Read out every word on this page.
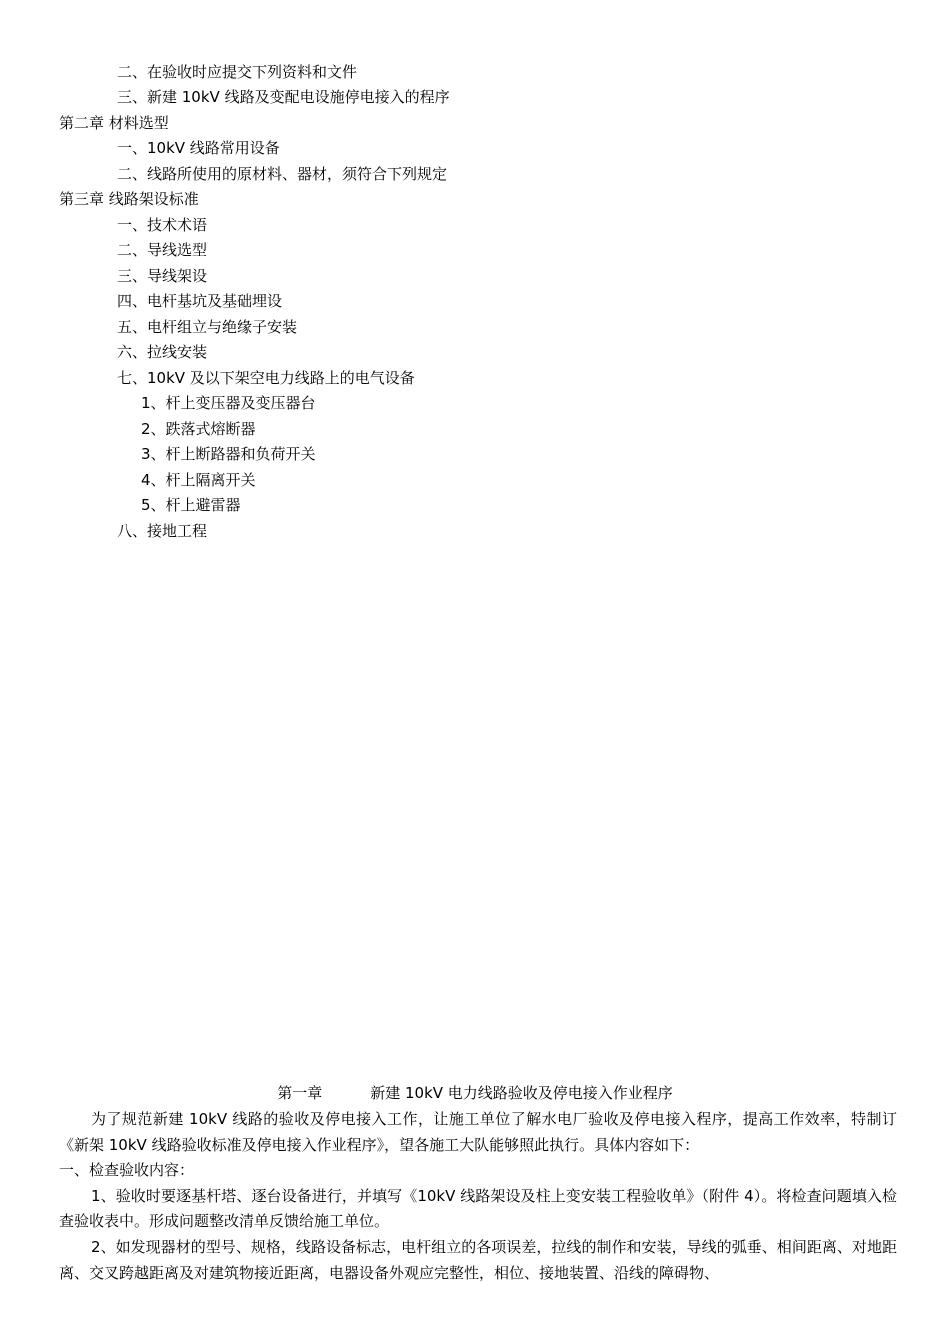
二、在验收时应提交下列资料和文件
三、新建 10kV 线路及变配电设施停电接入的程序
第二章 材料选型
一、10kV 线路常用设备
二、线路所使用的原材料、器材，须符合下列规定
第三章 线路架设标准
一、技术术语
二、导线选型
三、导线架设
四、电杆基坑及基础埋设
五、电杆组立与绝缘子安装
六、拉线安装
七、10kV 及以下架空电力线路上的电气设备
1、杆上变压器及变压器台
2、跌落式熔断器
3、杆上断路器和负荷开关
4、杆上隔离开关
5、杆上避雷器
八、接地工程
第一章	新建 10kV 电力线路验收及停电接入作业程序

为了规范新建 10kV 线路的验收及停电接入工作，让施工单位了解水电厂验收及停电接入程序，提高工作效率，特制订《新架 10kV 线路验收标准及停电接入作业程序》，望各施工大队能够照此执行。具体内容如下：

一、检查验收内容：

1、验收时要逐基杆塔、逐台设备进行，并填写《10kV 线路架设及柱上变安装工程验收单》（附件 4）。将检查问题填入检查验收表中。形成问题整改清单反馈给施工单位。

2、如发现器材的型号、规格，线路设备标志，电杆组立的各项误差，拉线的制作和安装，导线的弧垂、相间距离、对地距离、交叉跨越距离及对建筑物接近距离，电器设备外观应完整性，相位、接地装置、沿线的障碍物、
